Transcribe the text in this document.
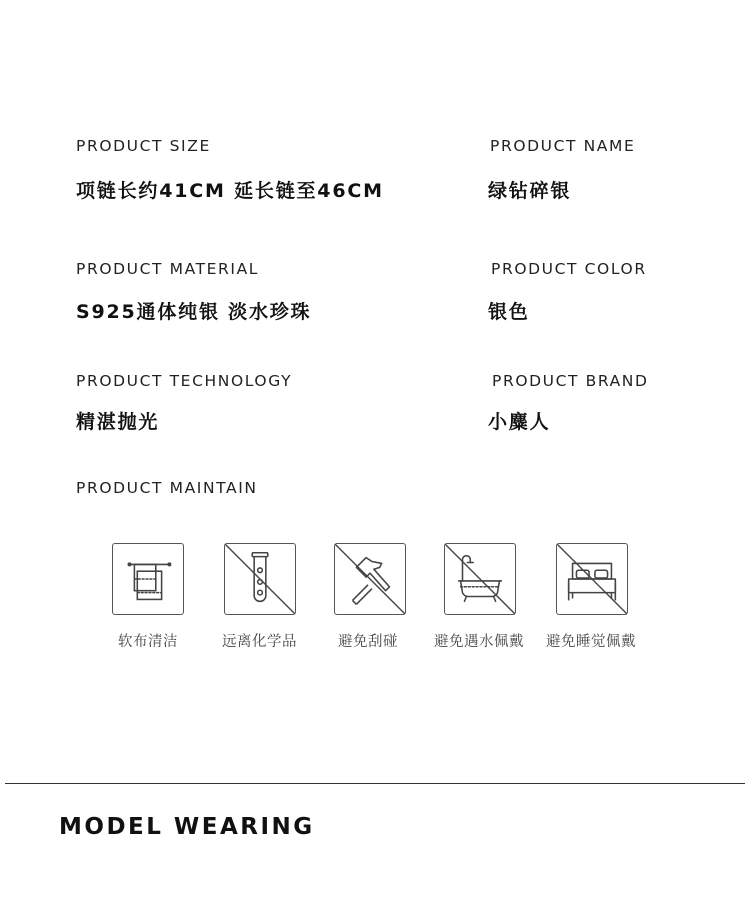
PRODUCT SIZE
项链长约41CM 延长链至46CM
PRODUCT MATERIAL
S925通体纯银 淡水珍珠
PRODUCT TECHNOLOGY
精湛抛光
PRODUCT NAME
绿钻碎银
PRODUCT COLOR
银色
PRODUCT BRAND
小麋人
PRODUCT MAINTAIN
软布清洁	远离化学品	避免刮碰 避免遇水佩戴 避免睡觉佩戴
MODEL WEARING
